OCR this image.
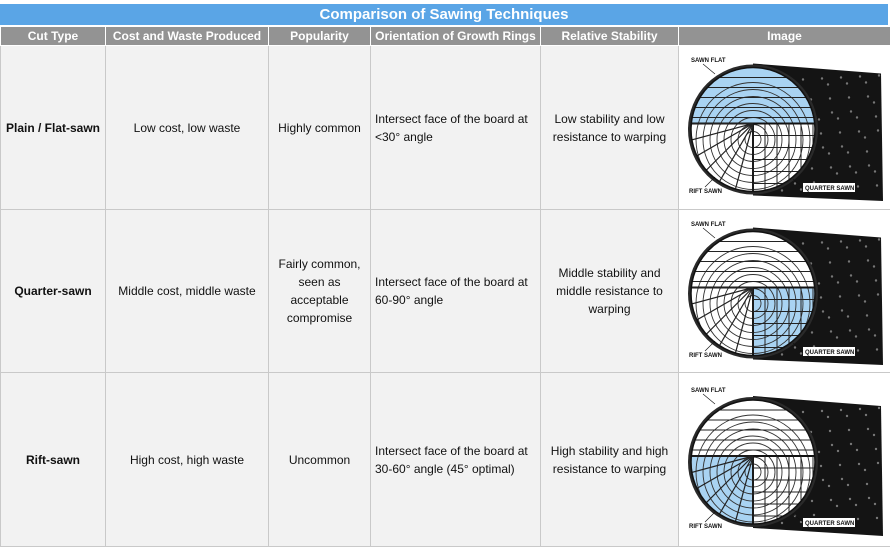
Comparison of Sawing Techniques
Cut Type	Cost and Waste Produced	Popularity	Orientation of Growth Rings	Relative Stability	Image
Plain / Flat-sawn	Low cost, low waste	Highly common	Intersect face of the board at <30° angle	Low stability and low resistance to warping	SAWN FLAT
RIFT SAWN QUARTER SAWN

Quarter-sawn	Middle cost, middle waste	Fairly common, seen as acceptable compromise	Intersect face of the board at 60-90° angle	Middle stability and middle resistance to warping	SAWN FLAT
RIFT SAWN QUARTER SAWN

Rift-sawn	High cost, high waste	Uncommon	Intersect face of the board at 30-60° angle (45° optimal)	High stability and high resistance to warping	SAWN FLAT
RIFT SAWN QUARTER SAWN
